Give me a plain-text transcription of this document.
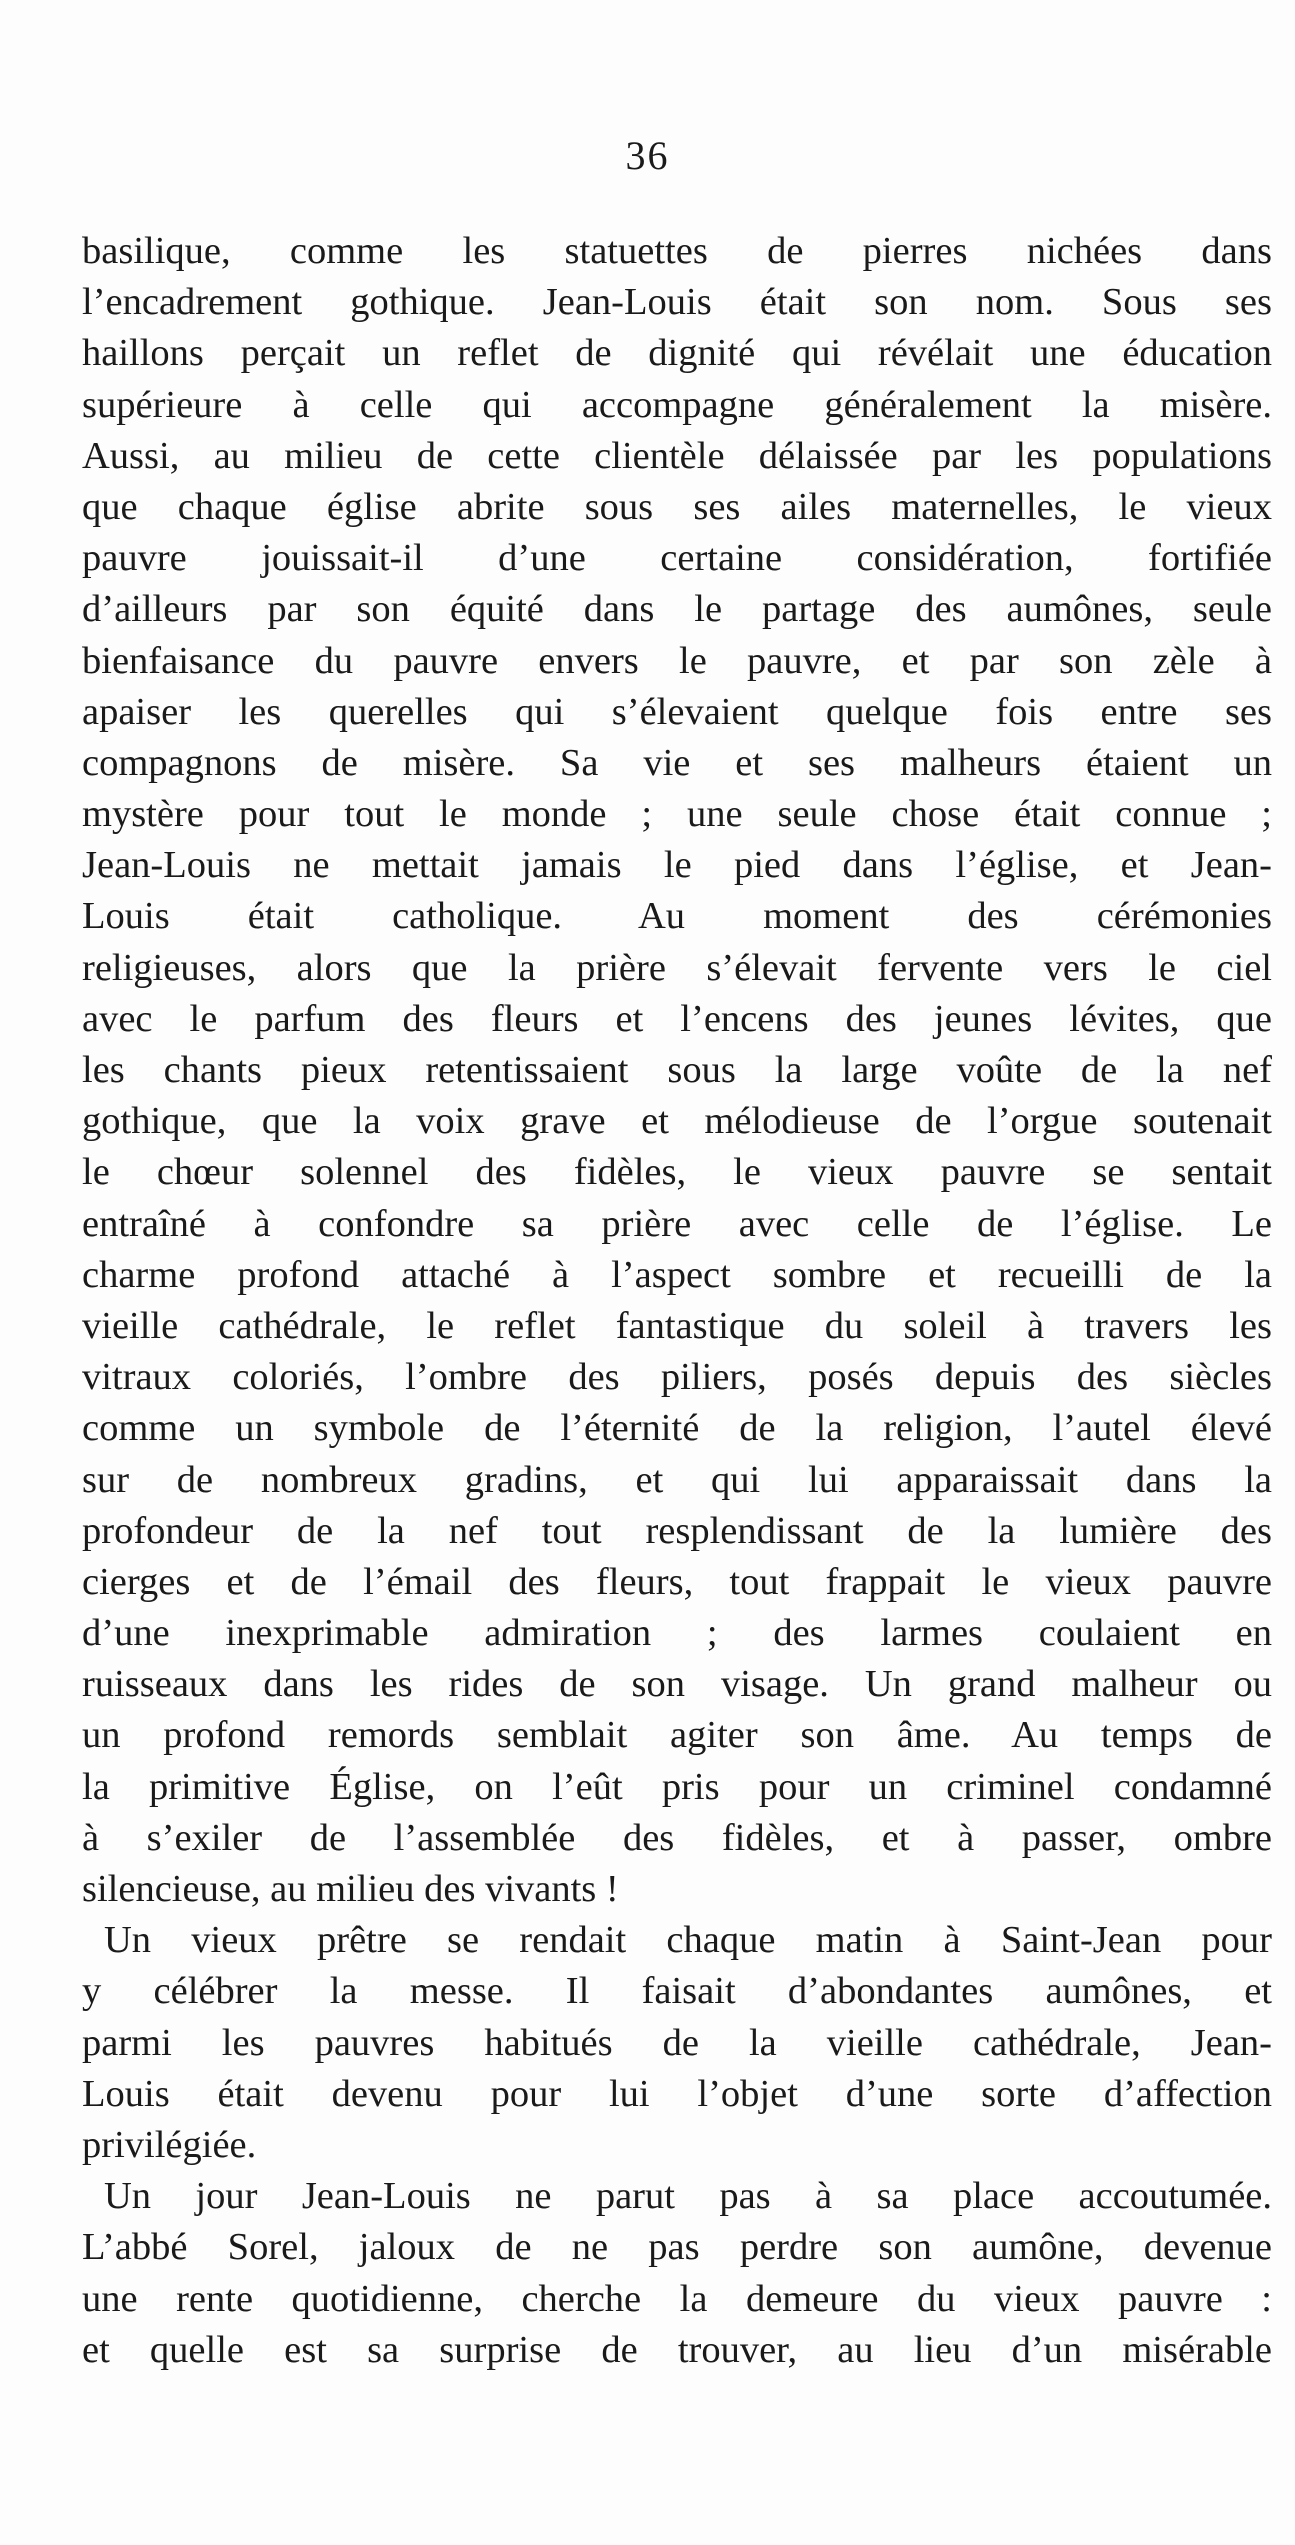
36
basilique, comme les statuettes de pierres nichées dans
l’encadrement gothique. Jean-Louis était son nom. Sous ses
haillons perçait un reflet de dignité qui révélait une éducation
supérieure à celle qui accompagne généralement la misère.
Aussi, au milieu de cette clientèle délaissée par les populations
que chaque église abrite sous ses ailes maternelles, le vieux
pauvre jouissait-il d’une certaine considération, fortifiée
d’ailleurs par son équité dans le partage des aumônes, seule
bienfaisance du pauvre envers le pauvre, et par son zèle à
apaiser les querelles qui s’élevaient quelque fois entre ses
compagnons de misère. Sa vie et ses malheurs étaient un
mystère pour tout le monde ; une seule chose était connue ;
Jean-Louis ne mettait jamais le pied dans l’église, et Jean-
Louis était catholique. Au moment des cérémonies
religieuses, alors que la prière s’élevait fervente vers le ciel
avec le parfum des fleurs et l’encens des jeunes lévites, que
les chants pieux retentissaient sous la large voûte de la nef
gothique, que la voix grave et mélodieuse de l’orgue soutenait
le chœur solennel des fidèles, le vieux pauvre se sentait
entraîné à confondre sa prière avec celle de l’église. Le
charme profond attaché à l’aspect sombre et recueilli de la
vieille cathédrale, le reflet fantastique du soleil à travers les
vitraux coloriés, l’ombre des piliers, posés depuis des siècles
comme un symbole de l’éternité de la religion, l’autel élevé
sur de nombreux gradins, et qui lui apparaissait dans la
profondeur de la nef tout resplendissant de la lumière des
cierges et de l’émail des fleurs, tout frappait le vieux pauvre
d’une inexprimable admiration ; des larmes coulaient en
ruisseaux dans les rides de son visage. Un grand malheur ou
un profond remords semblait agiter son âme. Au temps de
la primitive Église, on l’eût pris pour un criminel condamné
à s’exiler de l’assemblée des fidèles, et à passer, ombre
silencieuse, au milieu des vivants !
Un vieux prêtre se rendait chaque matin à Saint-Jean pour
y célébrer la messe. Il faisait d’abondantes aumônes, et
parmi les pauvres habitués de la vieille cathédrale, Jean-
Louis était devenu pour lui l’objet d’une sorte d’affection
privilégiée.
Un jour Jean-Louis ne parut pas à sa place accoutumée.
L’abbé Sorel, jaloux de ne pas perdre son aumône, devenue
une rente quotidienne, cherche la demeure du vieux pauvre :
et quelle est sa surprise de trouver, au lieu d’un misérable
